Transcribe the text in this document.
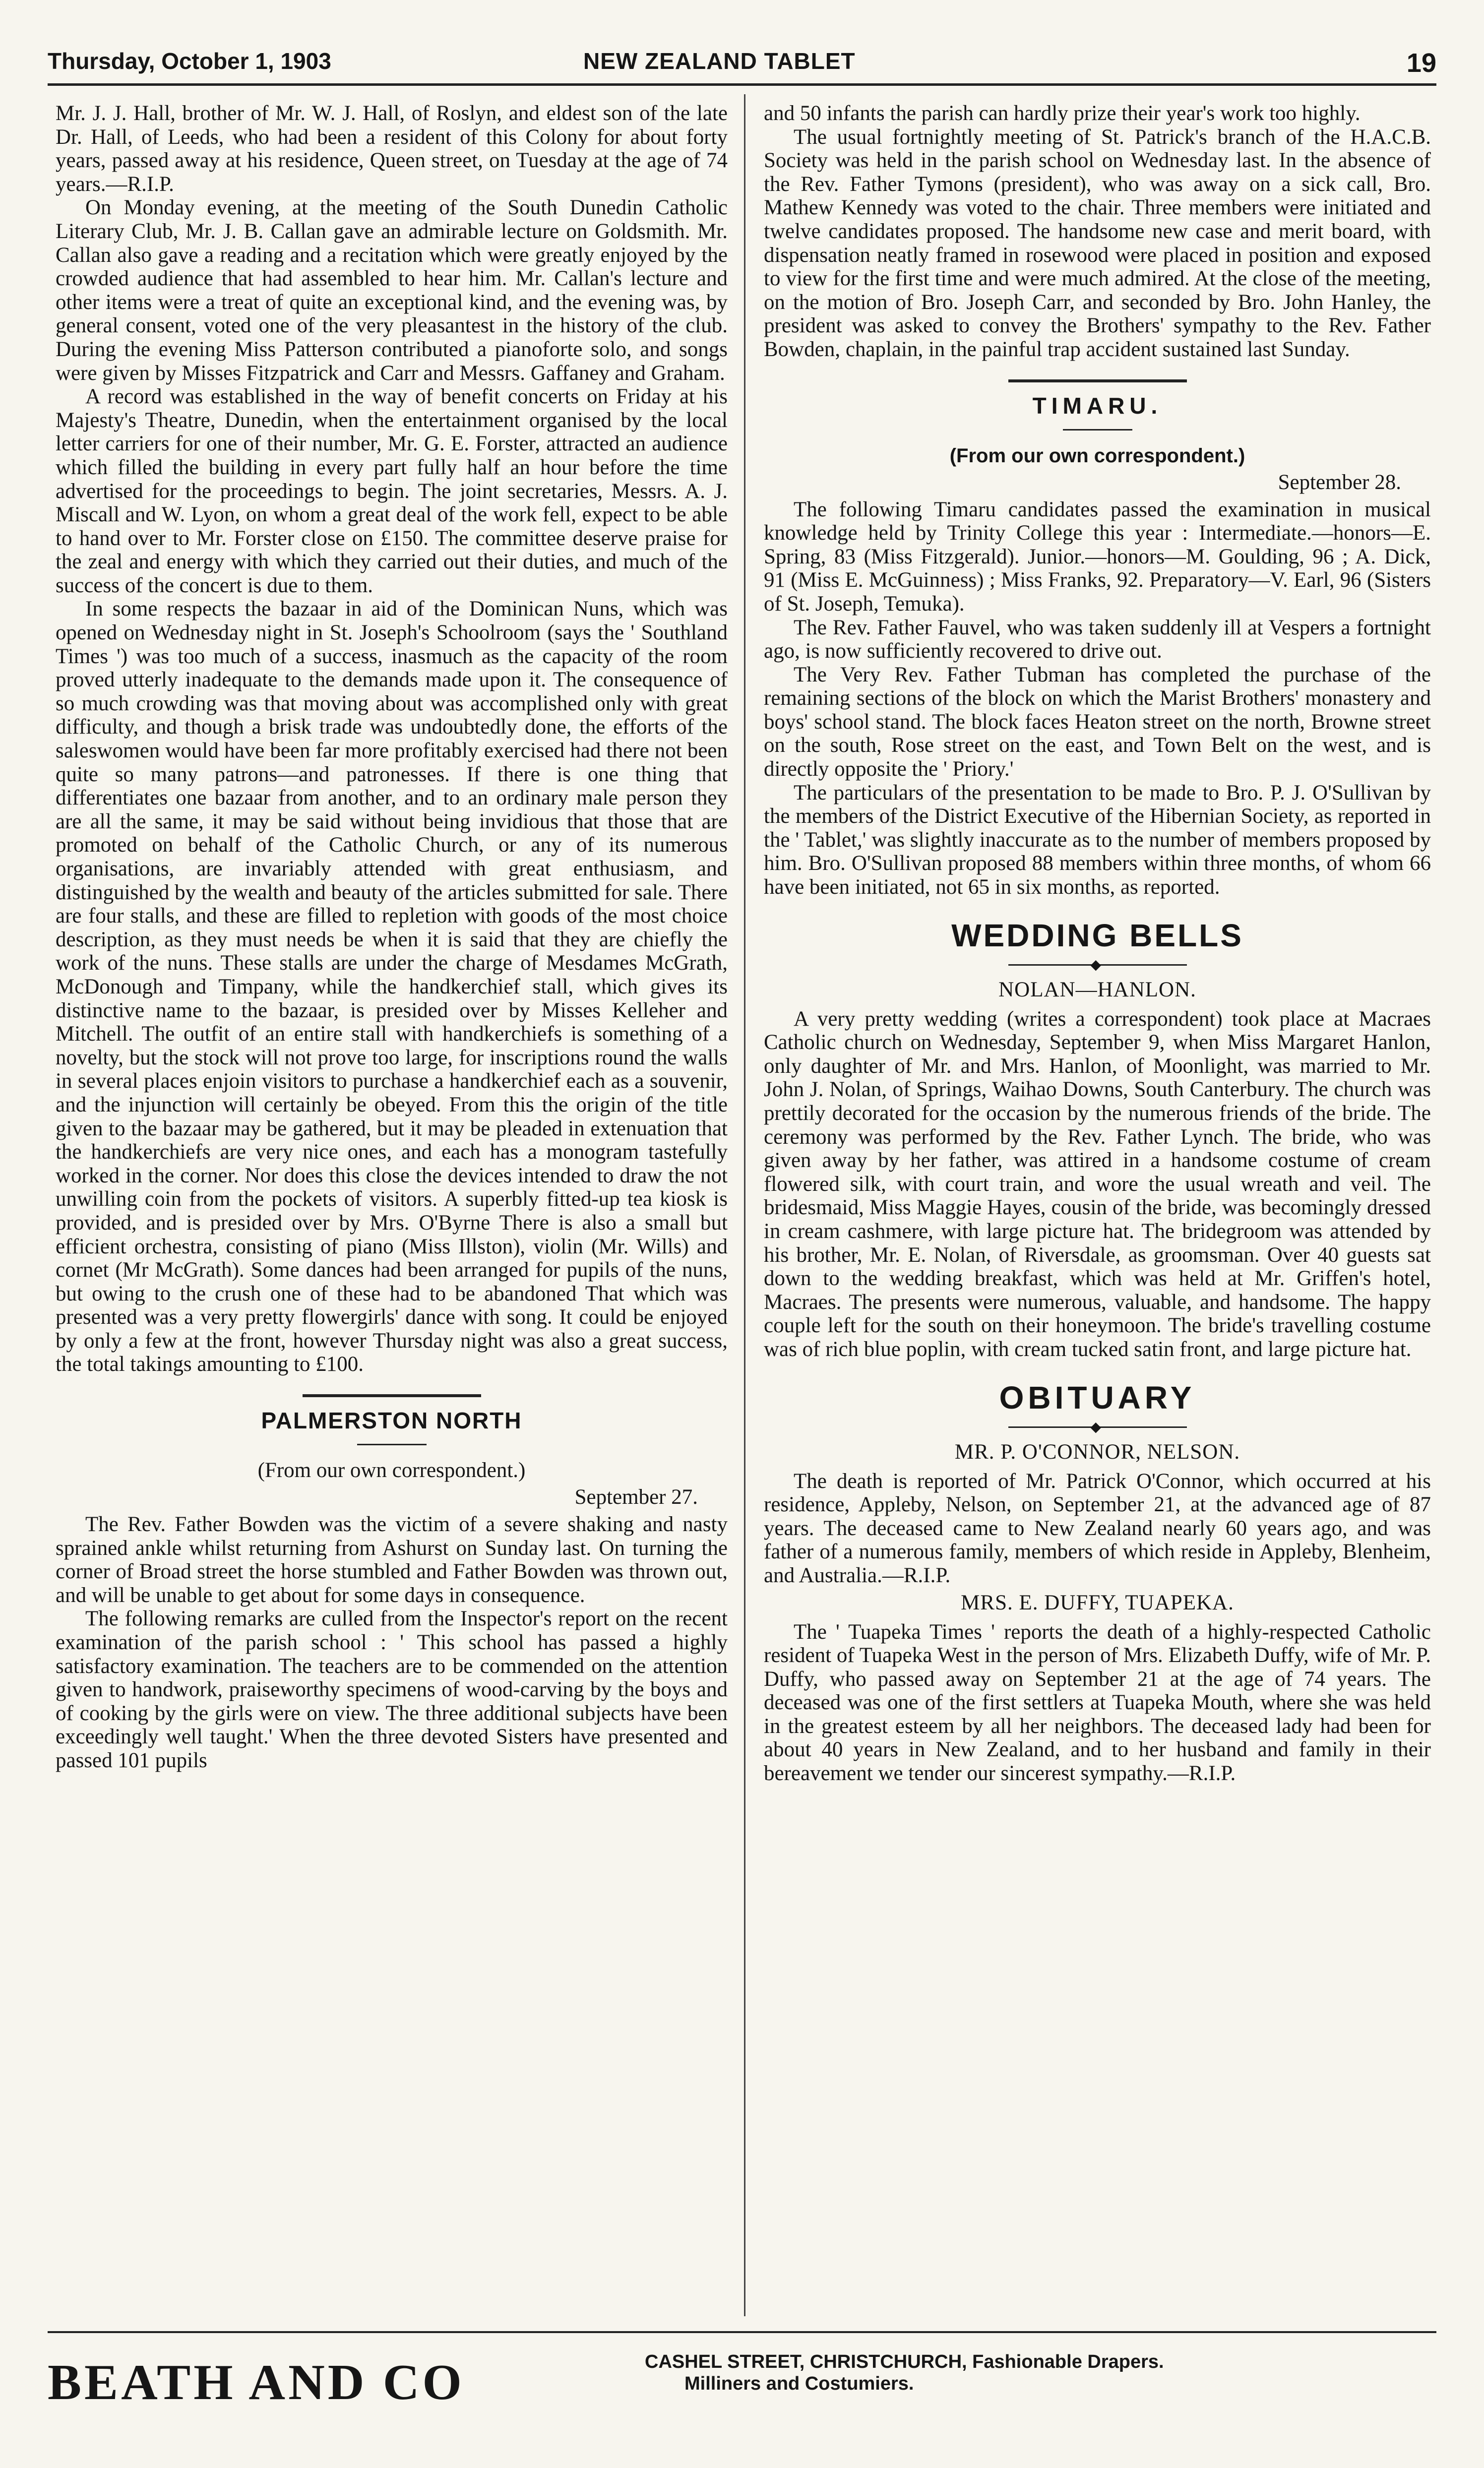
Thursday, October 1, 1903	NEW ZEALAND TABLET	19

Mr. J. J. Hall, brother of Mr. W. J. Hall, of Roslyn, and eldest son of the late Dr. Hall, of Leeds, who had been a resident of this Colony for about forty years, passed away at his residence, Queen street, on Tuesday at the age of 74 years.—R.I.P.

On Monday evening, at the meeting of the South Dunedin Catholic Literary Club, Mr. J. B. Callan gave an admirable lecture on Goldsmith. Mr. Callan also gave a reading and a recitation which were greatly enjoyed by the crowded audience that had assembled to hear him. Mr. Callan's lecture and other items were a treat of quite an exceptional kind, and the evening was, by general consent, voted one of the very pleasantest in the history of the club. During the evening Miss Patterson contributed a pianoforte solo, and songs were given by Misses Fitzpatrick and Carr and Messrs. Gaffaney and Graham.

A record was established in the way of benefit concerts on Friday at his Majesty's Theatre, Dunedin, when the entertainment organised by the local letter carriers for one of their number, Mr. G. E. Forster, attracted an audience which filled the building in every part fully half an hour before the time advertised for the proceedings to begin. The joint secretaries, Messrs. A. J. Miscall and W. Lyon, on whom a great deal of the work fell, expect to be able to hand over to Mr. Forster close on £150. The committee deserve praise for the zeal and energy with which they carried out their duties, and much of the success of the concert is due to them.

In some respects the bazaar in aid of the Dominican Nuns, which was opened on Wednesday night in St. Joseph's Schoolroom (says the ' Southland Times ') was too much of a success, inasmuch as the capacity of the room proved utterly inadequate to the demands made upon it. The consequence of so much crowding was that moving about was accomplished only with great difficulty, and though a brisk trade was undoubtedly done, the efforts of the saleswomen would have been far more profitably exercised had there not been quite so many patrons—and patronesses. If there is one thing that differentiates one bazaar from another, and to an ordinary male person they are all the same, it may be said without being invidious that those that are promoted on behalf of the Catholic Church, or any of its numerous organisations, are invariably attended with great enthusiasm, and distinguished by the wealth and beauty of the articles submitted for sale. There are four stalls, and these are filled to repletion with goods of the most choice description, as they must needs be when it is said that they are chiefly the work of the nuns. These stalls are under the charge of Mesdames McGrath, McDonough and Timpany, while the handkerchief stall, which gives its distinctive name to the bazaar, is presided over by Misses Kelleher and Mitchell. The outfit of an entire stall with handkerchiefs is something of a novelty, but the stock will not prove too large, for inscriptions round the walls in several places enjoin visitors to purchase a handkerchief each as a souvenir, and the injunction will certainly be obeyed. From this the origin of the title given to the bazaar may be gathered, but it may be pleaded in extenuation that the handkerchiefs are very nice ones, and each has a monogram tastefully worked in the corner. Nor does this close the devices intended to draw the not unwilling coin from the pockets of visitors. A superbly fitted-up tea kiosk is provided, and is presided over by Mrs. O'Byrne There is also a small but efficient orchestra, consisting of piano (Miss Illston), violin (Mr. Wills) and cornet (Mr McGrath). Some dances had been arranged for pupils of the nuns, but owing to the crush one of these had to be abandoned That which was presented was a very pretty flowergirls' dance with song. It could be enjoyed by only a few at the front, however Thursday night was also a great success, the total takings amounting to £100.

PALMERSTON NORTH
(From our own correspondent.)
September 27.

The Rev. Father Bowden was the victim of a severe shaking and nasty sprained ankle whilst returning from Ashurst on Sunday last. On turning the corner of Broad street the horse stumbled and Father Bowden was thrown out, and will be unable to get about for some days in consequence.

The following remarks are culled from the Inspector's report on the recent examination of the parish school : ' This school has passed a highly satisfactory examination. The teachers are to be commended on the attention given to handwork, praiseworthy specimens of wood-carving by the boys and of cooking by the girls were on view. The three additional subjects have been exceedingly well taught.' When the three devoted Sisters have presented and passed 101 pupils

and 50 infants the parish can hardly prize their year's work too highly.

The usual fortnightly meeting of St. Patrick's branch of the H.A.C.B. Society was held in the parish school on Wednesday last. In the absence of the Rev. Father Tymons (president), who was away on a sick call, Bro. Mathew Kennedy was voted to the chair. Three members were initiated and twelve candidates proposed. The handsome new case and merit board, with dispensation neatly framed in rosewood were placed in position and exposed to view for the first time and were much admired. At the close of the meeting, on the motion of Bro. Joseph Carr, and seconded by Bro. John Hanley, the president was asked to convey the Brothers' sympathy to the Rev. Father Bowden, chaplain, in the painful trap accident sustained last Sunday.

TIMARU.
(From our own correspondent.)
September 28.

The following Timaru candidates passed the examination in musical knowledge held by Trinity College this year : Intermediate.—honors—E. Spring, 83 (Miss Fitzgerald). Junior.—honors—M. Goulding, 96 ; A. Dick, 91 (Miss E. McGuinness) ; Miss Franks, 92. Preparatory—V. Earl, 96 (Sisters of St. Joseph, Temuka).

The Rev. Father Fauvel, who was taken suddenly ill at Vespers a fortnight ago, is now sufficiently recovered to drive out.

The Very Rev. Father Tubman has completed the purchase of the remaining sections of the block on which the Marist Brothers' monastery and boys' school stand. The block faces Heaton street on the north, Browne street on the south, Rose street on the east, and Town Belt on the west, and is directly opposite the ' Priory.'

The particulars of the presentation to be made to Bro. P. J. O'Sullivan by the members of the District Executive of the Hibernian Society, as reported in the ' Tablet,' was slightly inaccurate as to the number of members proposed by him. Bro. O'Sullivan proposed 88 members within three months, of whom 66 have been initiated, not 65 in six months, as reported.

WEDDING BELLS
◆
NOLAN—HANLON.

A very pretty wedding (writes a correspondent) took place at Macraes Catholic church on Wednesday, September 9, when Miss Margaret Hanlon, only daughter of Mr. and Mrs. Hanlon, of Moonlight, was married to Mr. John J. Nolan, of Springs, Waihao Downs, South Canterbury. The church was prettily decorated for the occasion by the numerous friends of the bride. The ceremony was performed by the Rev. Father Lynch. The bride, who was given away by her father, was attired in a handsome costume of cream flowered silk, with court train, and wore the usual wreath and veil. The bridesmaid, Miss Maggie Hayes, cousin of the bride, was becomingly dressed in cream cashmere, with large picture hat. The bridegroom was attended by his brother, Mr. E. Nolan, of Riversdale, as groomsman. Over 40 guests sat down to the wedding breakfast, which was held at Mr. Griffen's hotel, Macraes. The presents were numerous, valuable, and handsome. The happy couple left for the south on their honeymoon. The bride's travelling costume was of rich blue poplin, with cream tucked satin front, and large picture hat.

OBITUARY
◆
MR. P. O'CONNOR, NELSON.

The death is reported of Mr. Patrick O'Connor, which occurred at his residence, Appleby, Nelson, on September 21, at the advanced age of 87 years. The deceased came to New Zealand nearly 60 years ago, and was father of a numerous family, members of which reside in Appleby, Blenheim, and Australia.—R.I.P.

MRS. E. DUFFY, TUAPEKA.

The ' Tuapeka Times ' reports the death of a highly-respected Catholic resident of Tuapeka West in the person of Mrs. Elizabeth Duffy, wife of Mr. P. Duffy, who passed away on September 21 at the age of 74 years. The deceased was one of the first settlers at Tuapeka Mouth, where she was held in the greatest esteem by all her neighbors. The deceased lady had been for about 40 years in New Zealand, and to her husband and family in their bereavement we tender our sincerest sympathy.—R.I.P.

BEATH AND CO	CASHEL STREET, CHRISTCHURCH, Fashionable Drapers.
Milliners and Costumiers.
